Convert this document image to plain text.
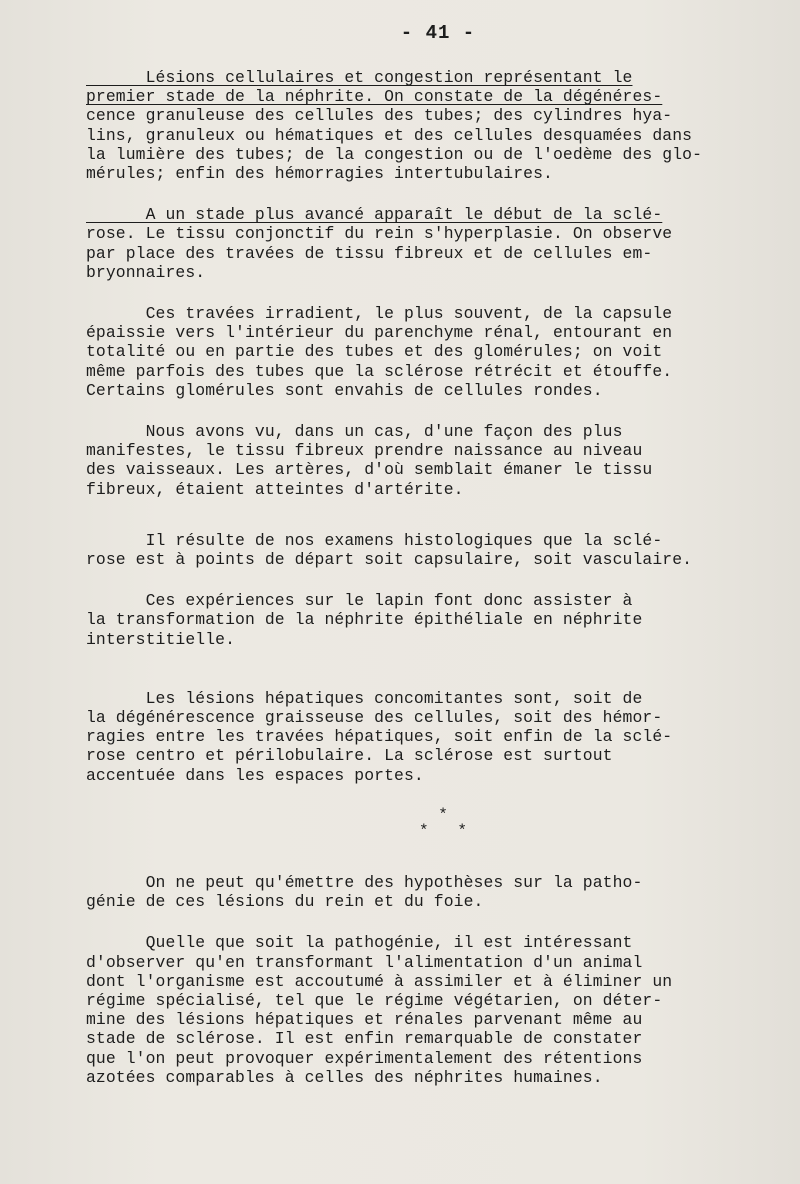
- 41 -
Lésions cellulaires et congestion représentant le
premier stade de la néphrite. On constate de la dégénéres-
cence granuleuse des cellules des tubes; des cylindres hya-
lins, granuleux ou hématiques et des cellules desquamées dans
la lumière des tubes; de la congestion ou de l'oedème des glo-
mérules; enfin des hémorragies intertubulaires.
A un stade plus avancé apparaît le début de la sclé-
rose. Le tissu conjonctif du rein s'hyperplasie. On observe
par place des travées de tissu fibreux et de cellules em-
bryonnaires.
Ces travées irradient, le plus souvent, de la capsule
épaissie vers l'intérieur du parenchyme rénal, entourant en
totalité ou en partie des tubes et des glomérules; on voit
même parfois des tubes que la sclérose rétrécit et étouffe.
Certains glomérules sont envahis de cellules rondes.
Nous avons vu, dans un cas, d'une façon des plus
manifestes, le tissu fibreux prendre naissance au niveau
des vaisseaux. Les artères, d'où semblait émaner le tissu
fibreux, étaient atteintes d'artérite.
Il résulte de nos examens histologiques que la sclé-
rose est à points de départ soit capsulaire, soit vasculaire.
Ces expériences sur le lapin font donc assister à
la transformation de la néphrite épithéliale en néphrite
interstitielle.
Les lésions hépatiques concomitantes sont, soit de
la dégénérescence graisseuse des cellules, soit des hémor-
ragies entre les travées hépatiques, soit enfin de la sclé-
rose centro et périlobulaire. La sclérose est surtout
accentuée dans les espaces portes.
*
*   *
On ne peut qu'émettre des hypothèses sur la patho-
génie de ces lésions du rein et du foie.
Quelle que soit la pathogénie, il est intéressant
d'observer qu'en transformant l'alimentation d'un animal
dont l'organisme est accoutumé à assimiler et à éliminer un
régime spécialisé, tel que le régime végétarien, on déter-
mine des lésions hépatiques et rénales parvenant même au
stade de sclérose. Il est enfin remarquable de constater
que l'on peut provoquer expérimentalement des rétentions
azotées comparables à celles des néphrites humaines.
